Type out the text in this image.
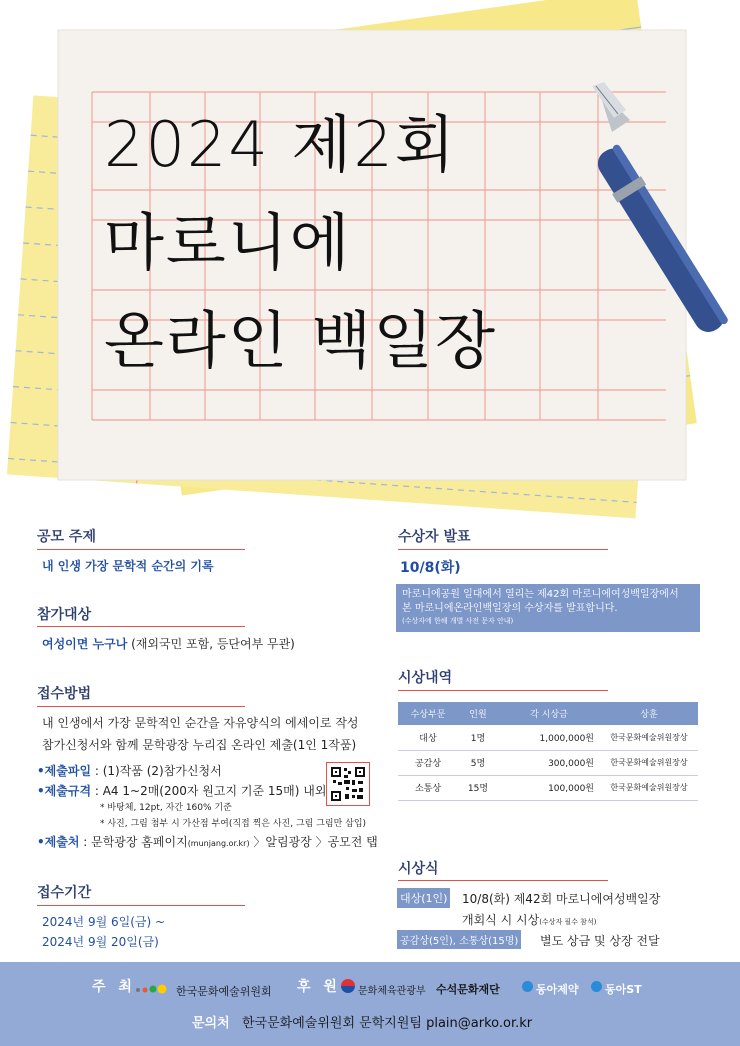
2024 제2회
마로니에
온라인 백일장
공모 주제
내 인생 가장 문학적 순간의 기록
참가대상
여성이면 누구나 (재외국민 포함, 등단여부 무관)
접수방법
내 인생에서 가장 문학적인 순간을 자유양식의 에세이로 작성
참가신청서와 함께 문학광장 누리집 온라인 제출(1인 1작품)
•제출파일 : (1)작품 (2)참가신청서
•제출규격 : A4 1~2매(200자 원고지 기준 15매) 내외
* 바탕체, 12pt, 자간 160% 기준
* 사진, 그림 첨부 시 가산점 부여(직접 찍은 사진, 그림 그림만 삽입)
•제출처 : 문학광장 홈페이지(munjang.or.kr) 〉알림광장 〉공모전 탭
접수기간
2024년 9월 6일(금) ~
2024년 9월 20일(금)
수상자 발표
10/8(화)
마로니에공원 일대에서 열리는 제42회 마로니에여성백일장에서
본 마로니에온라인백일장의 수상자를 발표합니다.
(수상자에 한해 개별 사전 문자 안내)
시상내역
수상부문	인원	각 시상금	상훈
대상	1명	1,000,000원	한국문화예술위원장상
공감상	5명	300,000원	한국문화예술위원장상
소통상	15명	100,000원	한국문화예술위원장상
시상식
대상(1인) 10/8(화) 제42회 마로니에여성백일장
개회식 시 시상(수상자 필수 참석)
공감상(5인), 소통상(15명) 별도 상금 및 상장 전달
주 최	한국문화예술위원회 후 원 문화체육관광부 수석문화재단	동아제약 동아ST
문의처 한국문화예술위원회 문학지원팀 plain@arko.or.kr
